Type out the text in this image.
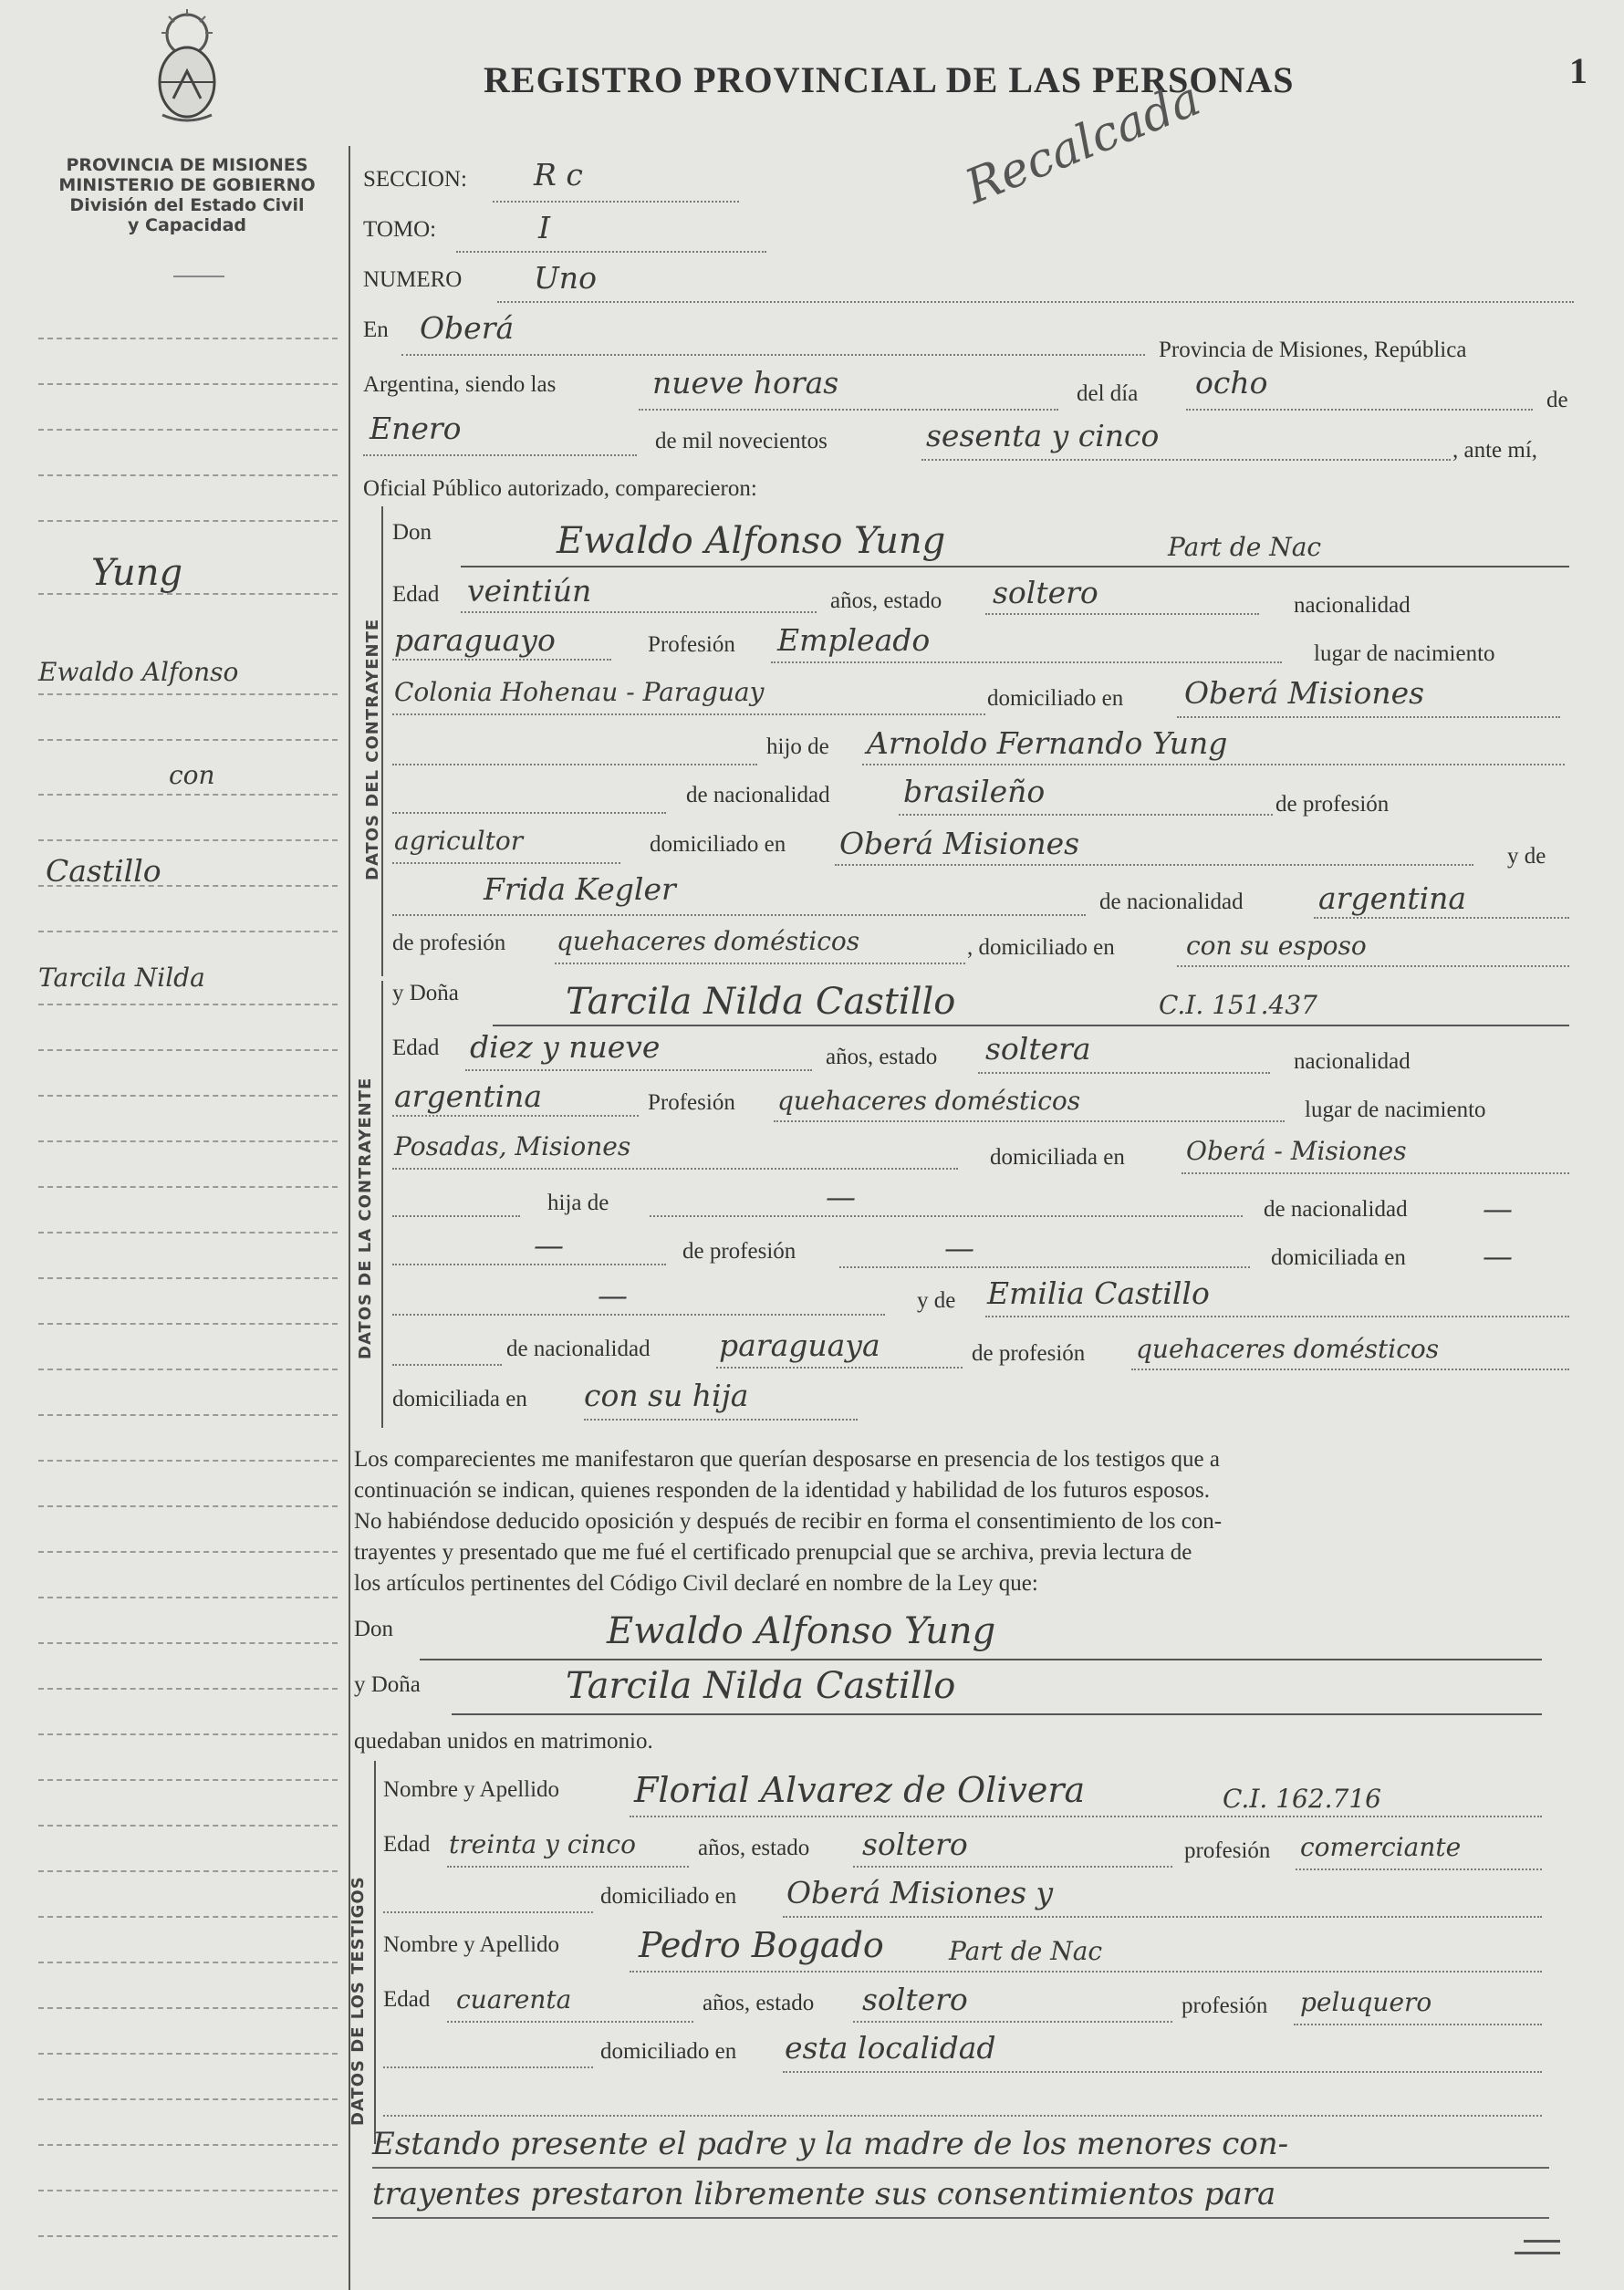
PROVINCIA DE MISIONES
MINISTERIO DE GOBIERNO
División del Estado Civil
y Capacidad
REGISTRO PROVINCIAL DE LAS PERSONAS	1
Recalcada
Yung
Ewaldo Alfonso
con
Castillo
Tarcila Nilda
SECCION: R c
TOMO:	I
NUMERO Uno
En Oberá
Provincia de Misiones, República
Argentina, siendo las	nueve horas	del día ocho	de
Enero	de mil novecientos	sesenta y cinco	, ante mí,
Oficial Público autorizado, comparecieron:
DATOS DEL CONTRAYENTE
Don	Ewaldo Alfonso Yung	Part de Nac
Edad veintiún	años, estado soltero	nacionalidad
paraguayo	Profesión Empleado	lugar de nacimiento
Colonia Hohenau - Paraguay	domiciliado en Oberá Misiones
hijo de Arnoldo Fernando Yung
de nacionalidad brasileño	de profesión
agricultor	domiciliado en Oberá Misiones	y de
Frida Kegler	de nacionalidad argentina
de profesión quehaceres domésticos	, domiciliado en	con su esposo
DATOS DE LA CONTRAYENTE
y Doña	Tarcila Nilda Castillo	C.I. 151.437
Edad diez y nueve	años, estado soltera	nacionalidad
argentina	Profesión quehaceres domésticos	lugar de nacimiento
Posadas, Misiones	domiciliada en Oberá - Misiones
hija de	—	de nacionalidad —
—	de profesión	—	domiciliada en	—
—	y de Emilia Castillo
de nacionalidad paraguaya	de profesión quehaceres domésticos
domiciliada en con su hija
Los comparecientes me manifestaron que querían desposarse en presencia de los testigos que a
continuación se indican, quienes responden de la identidad y habilidad de los futuros esposos.
No habiéndose deducido oposición y después de recibir en forma el consentimiento de los con-
trayentes y presentado que me fué el certificado prenupcial que se archiva, previa lectura de
los artículos pertinentes del Código Civil declaré en nombre de la Ley que:
Don	Ewaldo Alfonso Yung
y Doña	Tarcila Nilda Castillo
quedaban unidos en matrimonio.
DATOS DE LOS TESTIGOS
Nombre y Apellido Florial Alvarez de Olivera	C.I. 162.716
Edad treinta y cinco	años, estado soltero	profesión comerciante
domiciliado en Oberá Misiones y
Nombre y Apellido Pedro Bogado	Part de Nac
Edad cuarenta	años, estado soltero	profesión peluquero
domiciliado en esta localidad
Estando presente el padre y la madre de los menores con-
trayentes prestaron libremente sus consentimientos para
